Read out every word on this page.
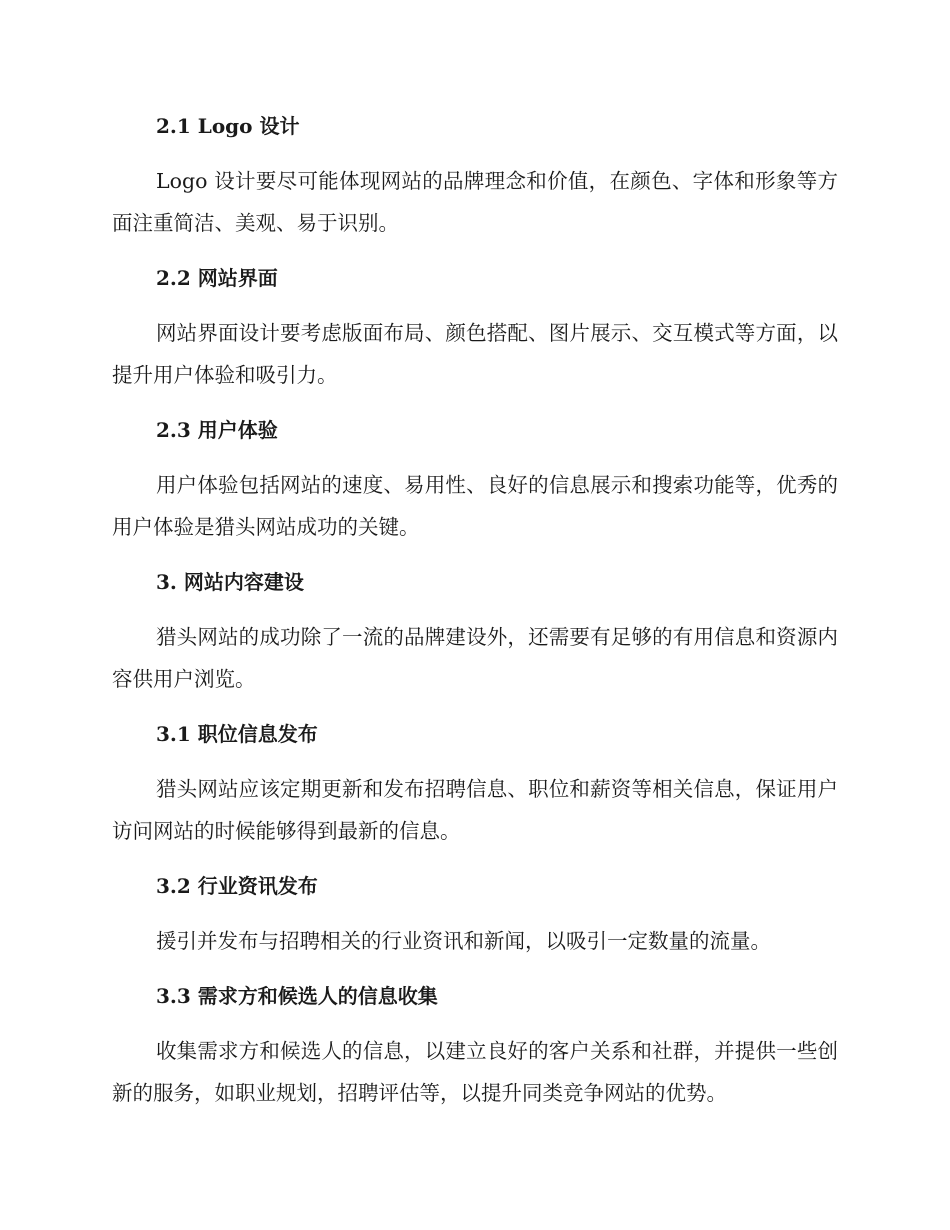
2.1 Logo 设计
Logo 设计要尽可能体现网站的品牌理念和价值，在颜色、字体和形象等方面注重简洁、美观、易于识别。
2.2 网站界面
网站界面设计要考虑版面布局、颜色搭配、图片展示、交互模式等方面，以提升用户体验和吸引力。
2.3 用户体验
用户体验包括网站的速度、易用性、良好的信息展示和搜索功能等，优秀的用户体验是猎头网站成功的关键。
3. 网站内容建设
猎头网站的成功除了一流的品牌建设外，还需要有足够的有用信息和资源内容供用户浏览。
3.1 职位信息发布
猎头网站应该定期更新和发布招聘信息、职位和薪资等相关信息，保证用户访问网站的时候能够得到最新的信息。
3.2 行业资讯发布
援引并发布与招聘相关的行业资讯和新闻，以吸引一定数量的流量。
3.3 需求方和候选人的信息收集
收集需求方和候选人的信息，以建立良好的客户关系和社群，并提供一些创新的服务，如职业规划，招聘评估等，以提升同类竞争网站的优势。
